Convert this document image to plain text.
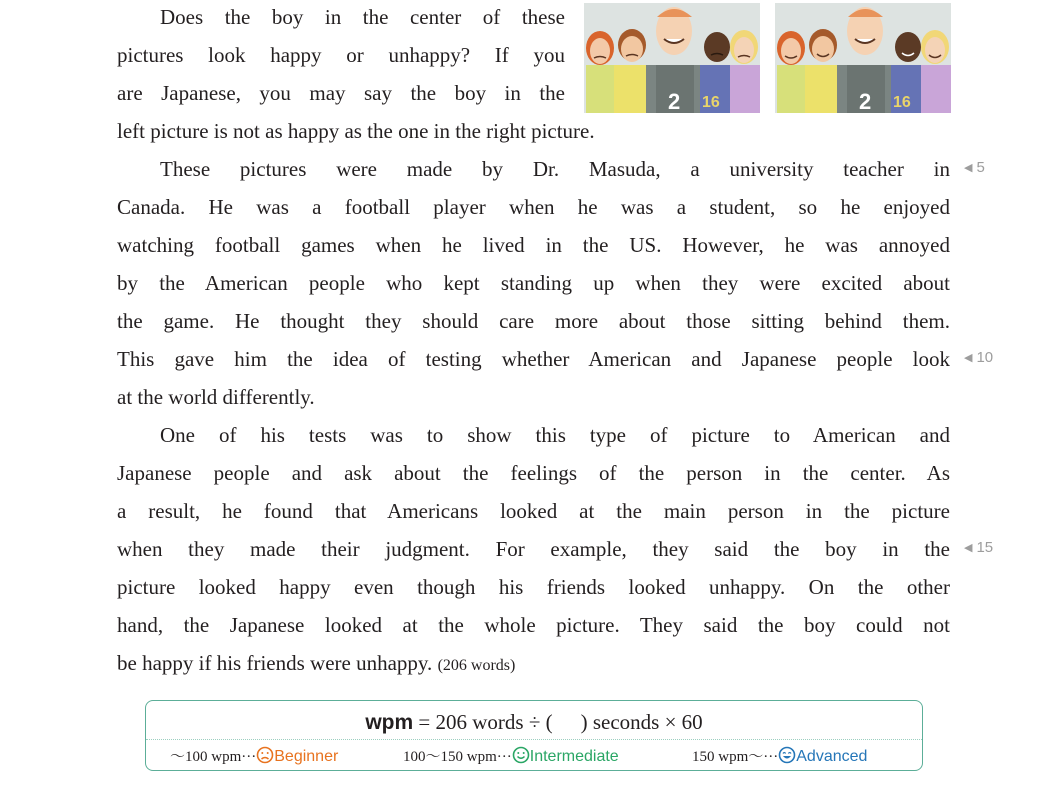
2 16	2 16
Does the boy in the center of these
pictures look happy or unhappy? If you
are Japanese, you may say the boy in the
left picture is not as happy as the one in the right picture.
These pictures were made by Dr. Masuda, a university teacher in
Canada. He was a football player when he was a student, so he enjoyed
watching football games when he lived in the US. However, he was annoyed
by the American people who kept standing up when they were excited about
the game. He thought they should care more about those sitting behind them.
This gave him the idea of testing whether American and Japanese people look
at the world differently.
One of his tests was to show this type of picture to American and
Japanese people and ask about the feelings of the person in the center. As
a result, he found that Americans looked at the main person in the picture
when they made their judgment. For example, they said the boy in the
picture looked happy even though his friends looked unhappy. On the other
hand, the Japanese looked at the whole picture. They said the boy could not
be happy if his friends were unhappy. (206 words)
◀ 5
◀ 10
◀ 15
wpm = 206 words ÷ ( ) seconds × 60
～100 wpm··· Beginner	100～150 wpm··· Intermediate	150 wpm～··· Advanced
